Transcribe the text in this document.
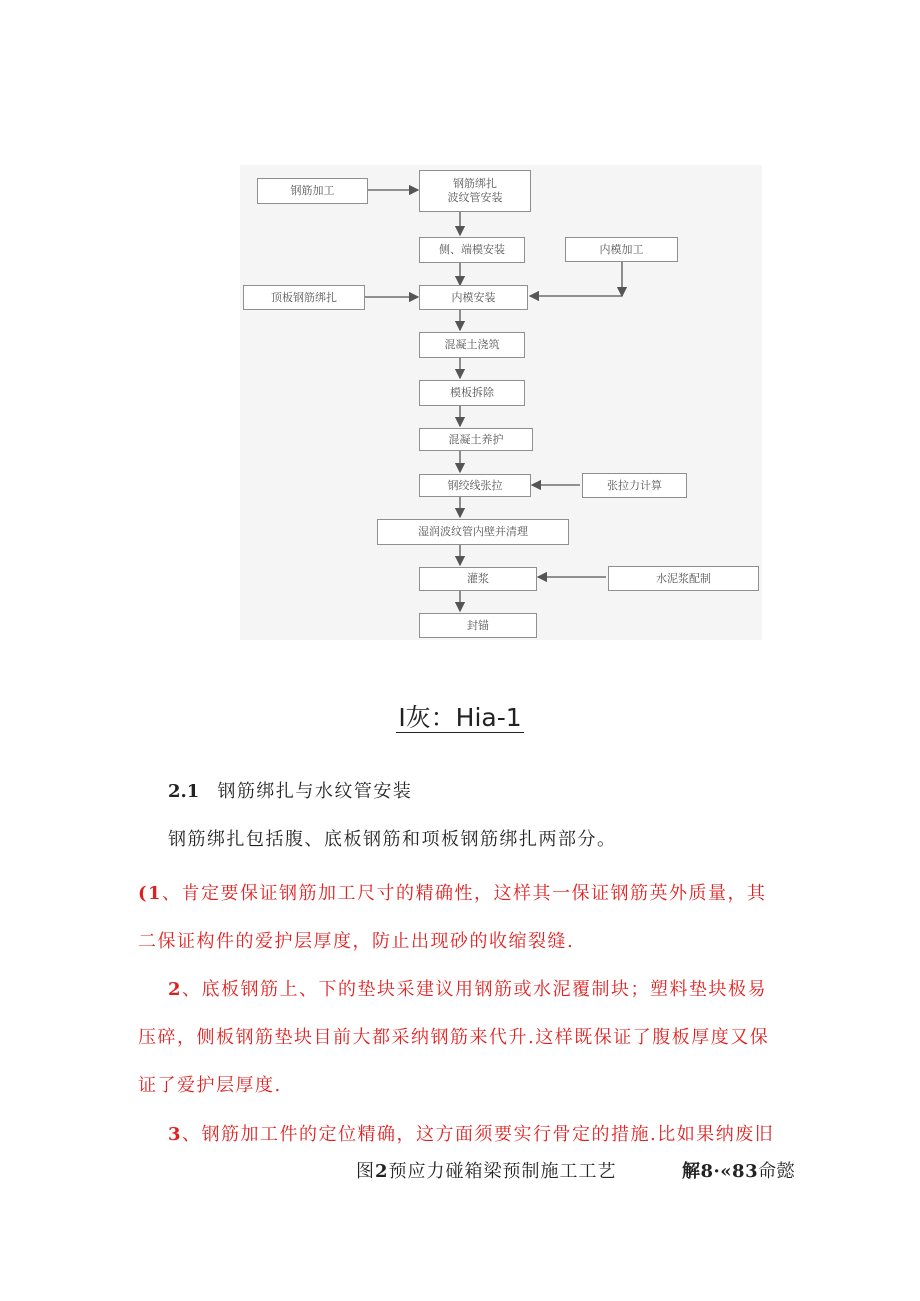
钢筋加工
钢筋绑扎
波纹管安装
侧、端模安装	内模加工
顶板钢筋绑扎	内模安装
混凝土浇筑
模板拆除
混凝土养护
钢绞线张拉	张拉力计算
湿润波纹管内壁并清理
灌浆	水泥浆配制
封锚
I灰：Hia-1
2.1 钢筋绑扎与水纹管安装
钢筋绑扎包括腹、底板钢筋和项板钢筋绑扎两部分。
(1、肯定要保证钢筋加工尺寸的精确性，这样其一保证钢筋英外质量，其
二保证构件的爱护层厚度，防止出现砂的收缩裂缝.
2、底板钢筋上、下的垫块采建议用钢筋或水泥覆制块；塑料垫块极易
压碎，侧板钢筋垫块目前大都采纳钢筋来代升.这样既保证了腹板厚度又保
证了爱护层厚度.
3、钢筋加工件的定位精确，这方面须要实行骨定的措施.比如果纳废旧
图2预应力碰箱梁预制施工工艺	解8·«83命懿
